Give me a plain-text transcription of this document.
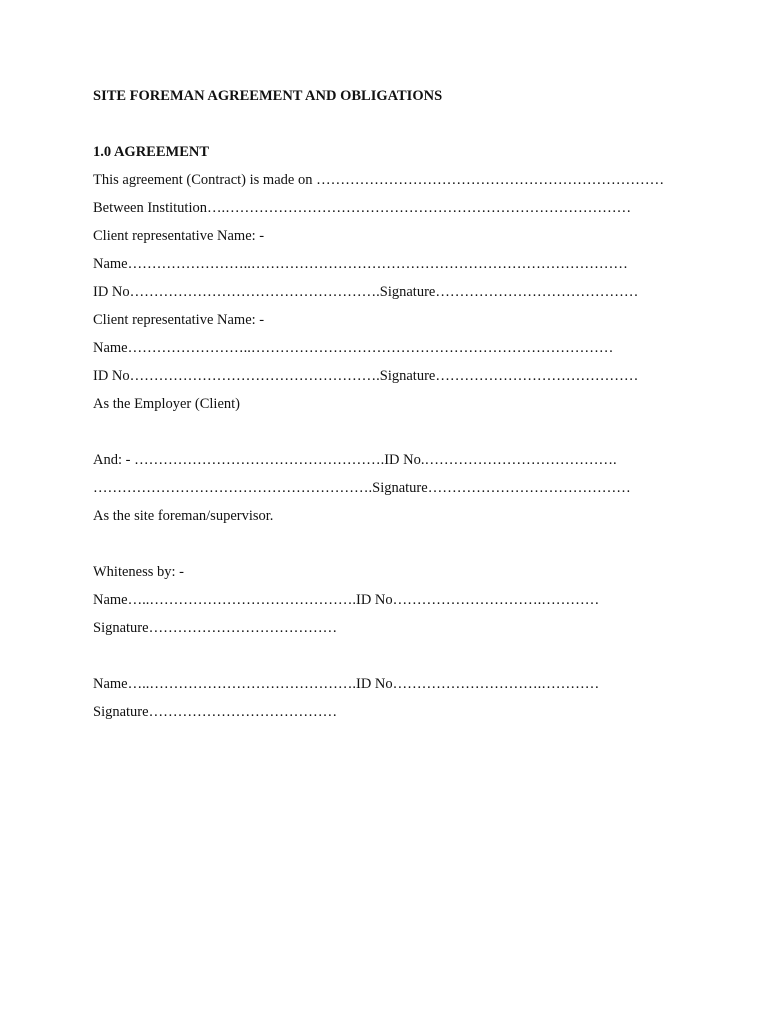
SITE FOREMAN AGREEMENT AND OBLIGATIONS
1.0 AGREEMENT
This agreement (Contract) is made on ………………………………………………………………
Between Institution….…………………………………………………………………………
Client representative Name: -
Name……………………..……………………………………………………………………
ID No…………………………………………….Signature……………………………………
Client representative Name: -
Name……………………..…………………………………………………………………
ID No…………………………………………….Signature……………………………………
As the Employer (Client)
And: - …………………………………………….ID No.………………………………….
………………………………………………….Signature……………………………………
As the site foreman/supervisor.
Whiteness by: -
Name…..…………………………………….ID No………………………….…………
Signature…………………………………
Name…..…………………………………….ID No………………………….…………
Signature…………………………………
